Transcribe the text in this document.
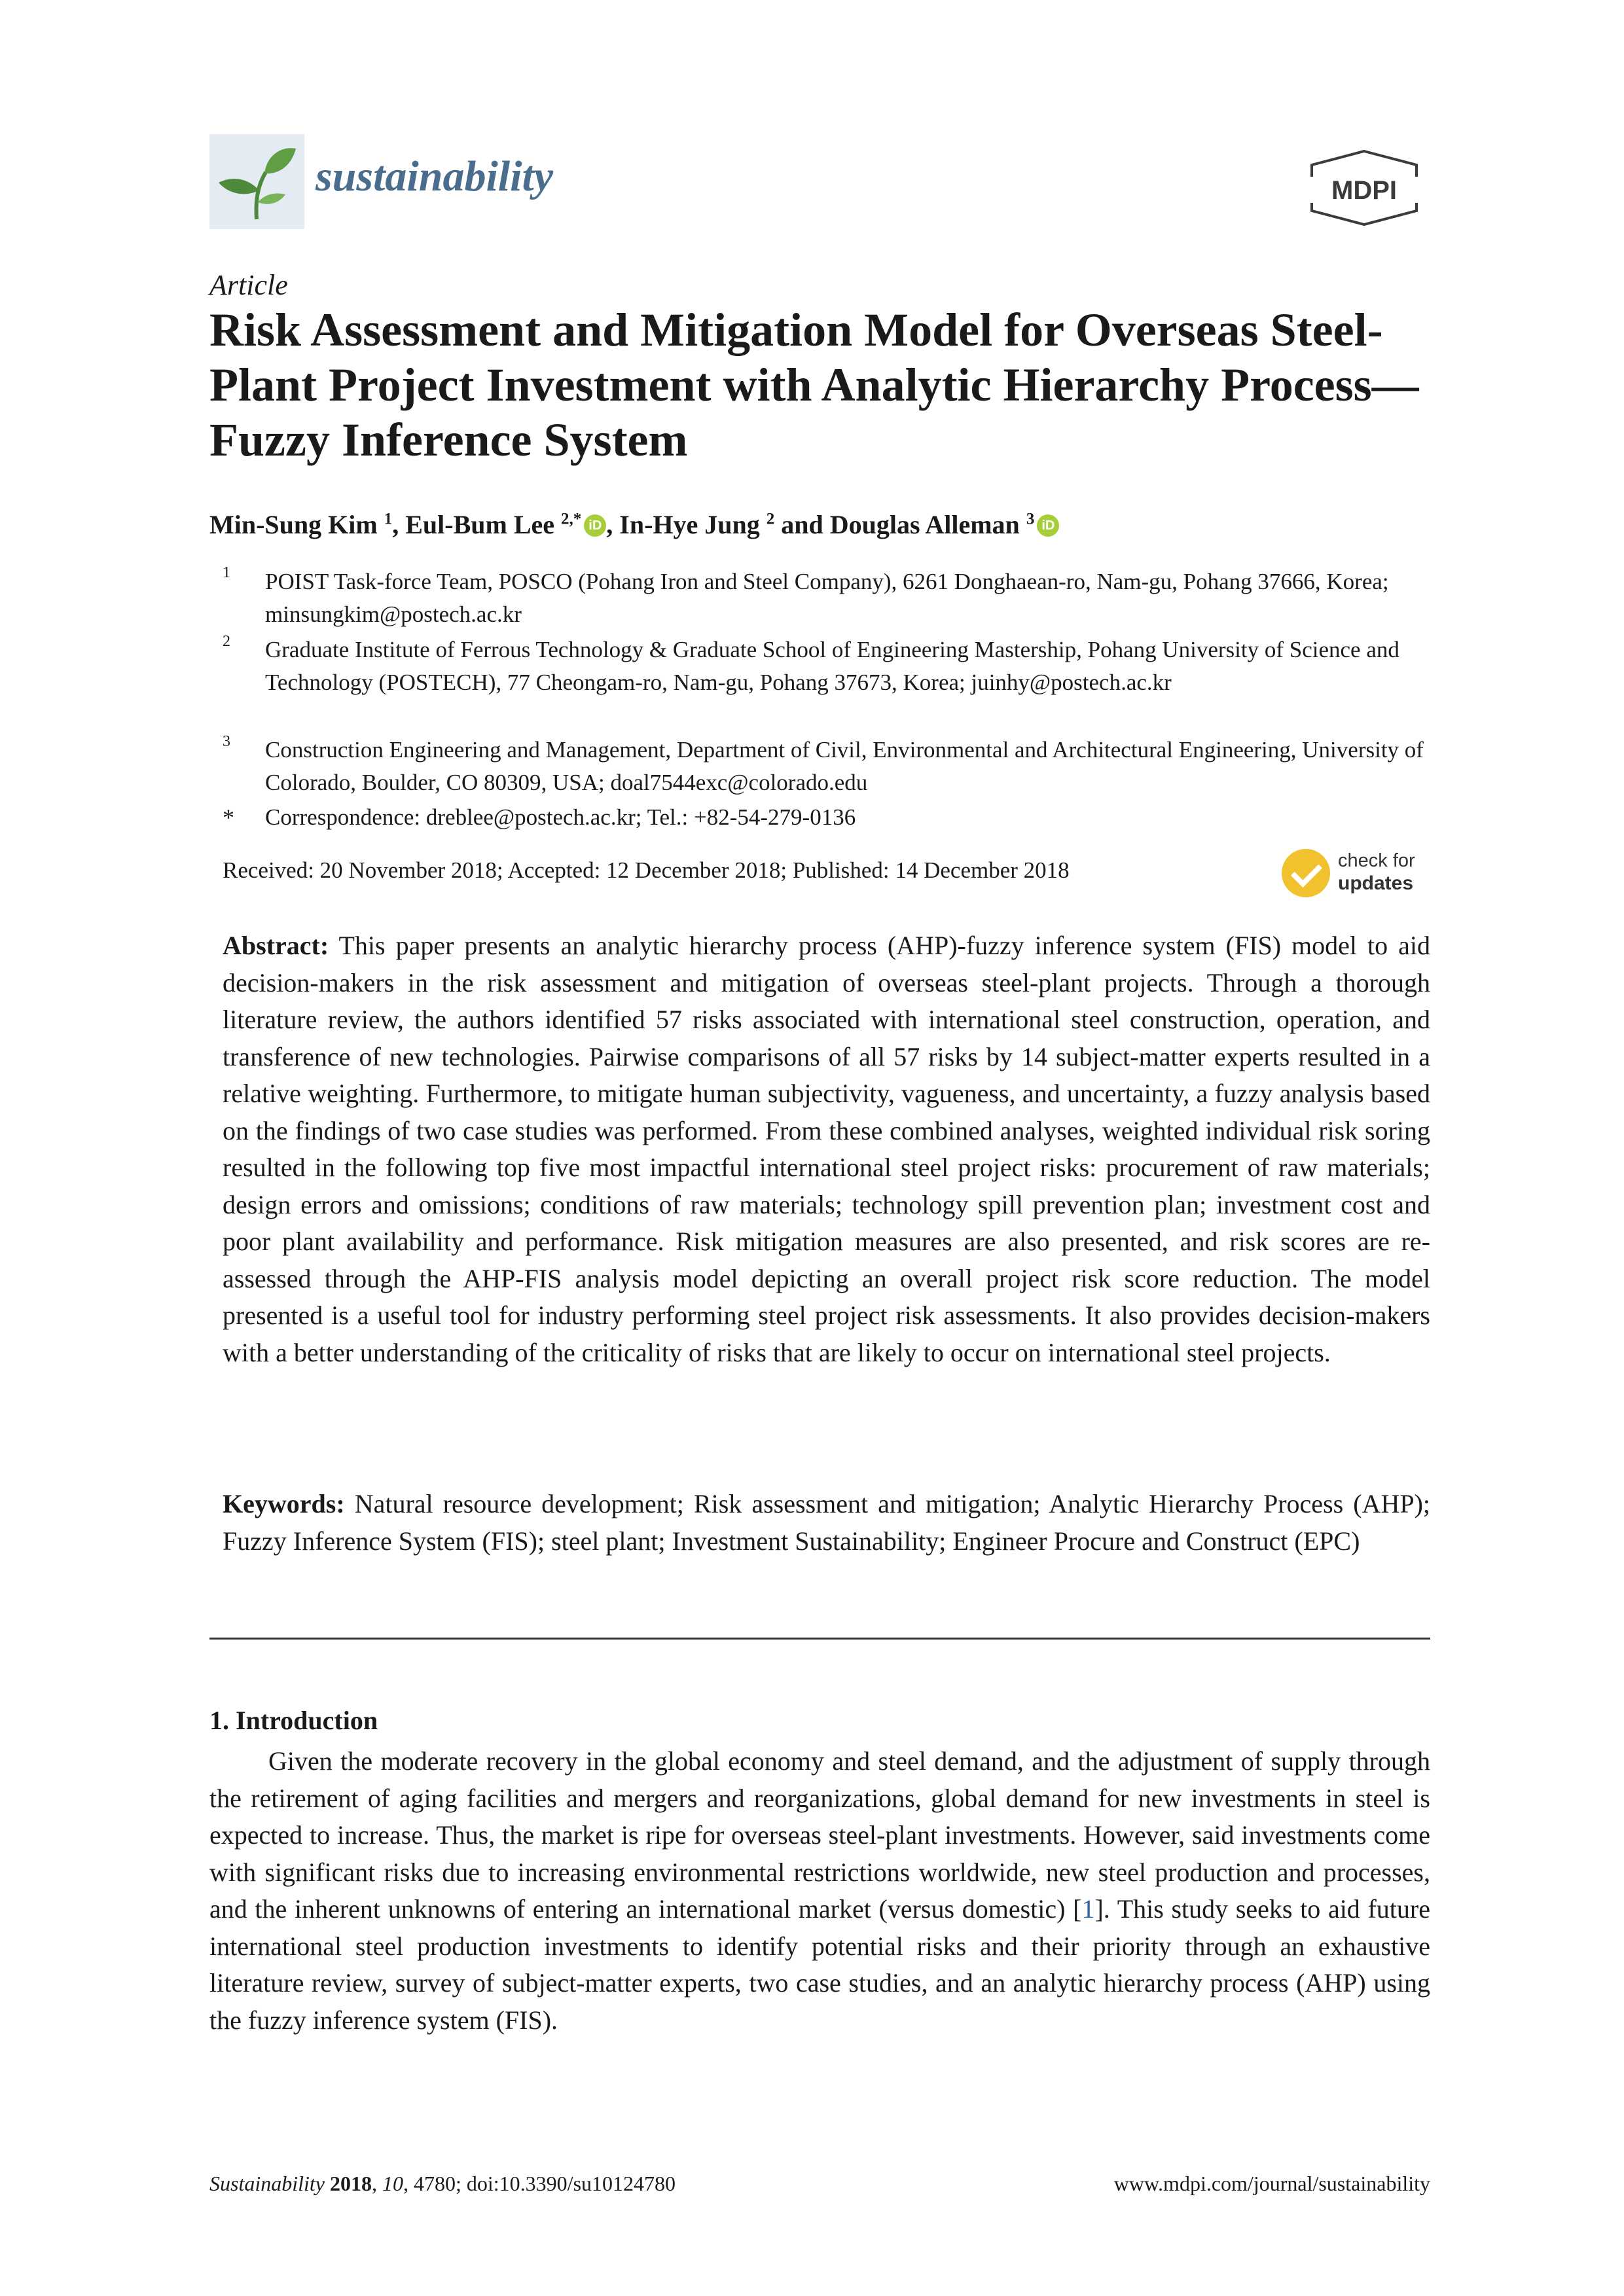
sustainability	MDPI
Article
Risk Assessment and Mitigation Model for Overseas Steel-Plant Project Investment with Analytic Hierarchy Process—Fuzzy Inference System
Min-Sung Kim $^1$, Eul-Bum Lee $^{2,*}$ iD , In-Hye Jung $^2$ and Douglas Alleman $^3$ iD
1 POIST Task-force Team, POSCO (Pohang Iron and Steel Company), 6261 Donghaean-ro, Nam-gu, Pohang 37666, Korea; minsungkim@postech.ac.kr
2 Graduate Institute of Ferrous Technology & Graduate School of Engineering Mastership, Pohang University of Science and Technology (POSTECH), 77 Cheongam-ro, Nam-gu, Pohang 37673, Korea; juinhy@postech.ac.kr
3 Construction Engineering and Management, Department of Civil, Environmental and Architectural Engineering, University of Colorado, Boulder, CO 80309, USA; doal7544exc@colorado.edu
* Correspondence: dreblee@postech.ac.kr; Tel.: +82-54-279-0136
Received: 20 November 2018; Accepted: 12 December 2018; Published: 14 December 2018	check for
updates
Abstract: This paper presents an analytic hierarchy process (AHP)-fuzzy inference system (FIS) model to aid decision-makers in the risk assessment and mitigation of overseas steel-plant projects. Through a thorough literature review, the authors identified 57 risks associated with international steel construction, operation, and transference of new technologies. Pairwise comparisons of all 57 risks by 14 subject-matter experts resulted in a relative weighting. Furthermore, to mitigate human subjectivity, vagueness, and uncertainty, a fuzzy analysis based on the findings of two case studies was performed. From these combined analyses, weighted individual risk soring resulted in the following top five most impactful international steel project risks: procurement of raw materials; design errors and omissions; conditions of raw materials; technology spill prevention plan; investment cost and poor plant availability and performance. Risk mitigation measures are also presented, and risk scores are re-assessed through the AHP-FIS analysis model depicting an overall project risk score reduction. The model presented is a useful tool for industry performing steel project risk assessments. It also provides decision-makers with a better understanding of the criticality of risks that are likely to occur on international steel projects.
Keywords: Natural resource development; Risk assessment and mitigation; Analytic Hierarchy Process (AHP); Fuzzy Inference System (FIS); steel plant; Investment Sustainability; Engineer Procure and Construct (EPC)
1. Introduction
Given the moderate recovery in the global economy and steel demand, and the adjustment of supply through the retirement of aging facilities and mergers and reorganizations, global demand for new investments in steel is expected to increase. Thus, the market is ripe for overseas steel-plant investments. However, said investments come with significant risks due to increasing environmental restrictions worldwide, new steel production and processes, and the inherent unknowns of entering an international market (versus domestic) [1]. This study seeks to aid future international steel production investments to identify potential risks and their priority through an exhaustive literature review, survey of subject-matter experts, two case studies, and an analytic hierarchy process (AHP) using the fuzzy inference system (FIS).
Sustainability 2018, 10, 4780; doi:10.3390/su10124780	www.mdpi.com/journal/sustainability
